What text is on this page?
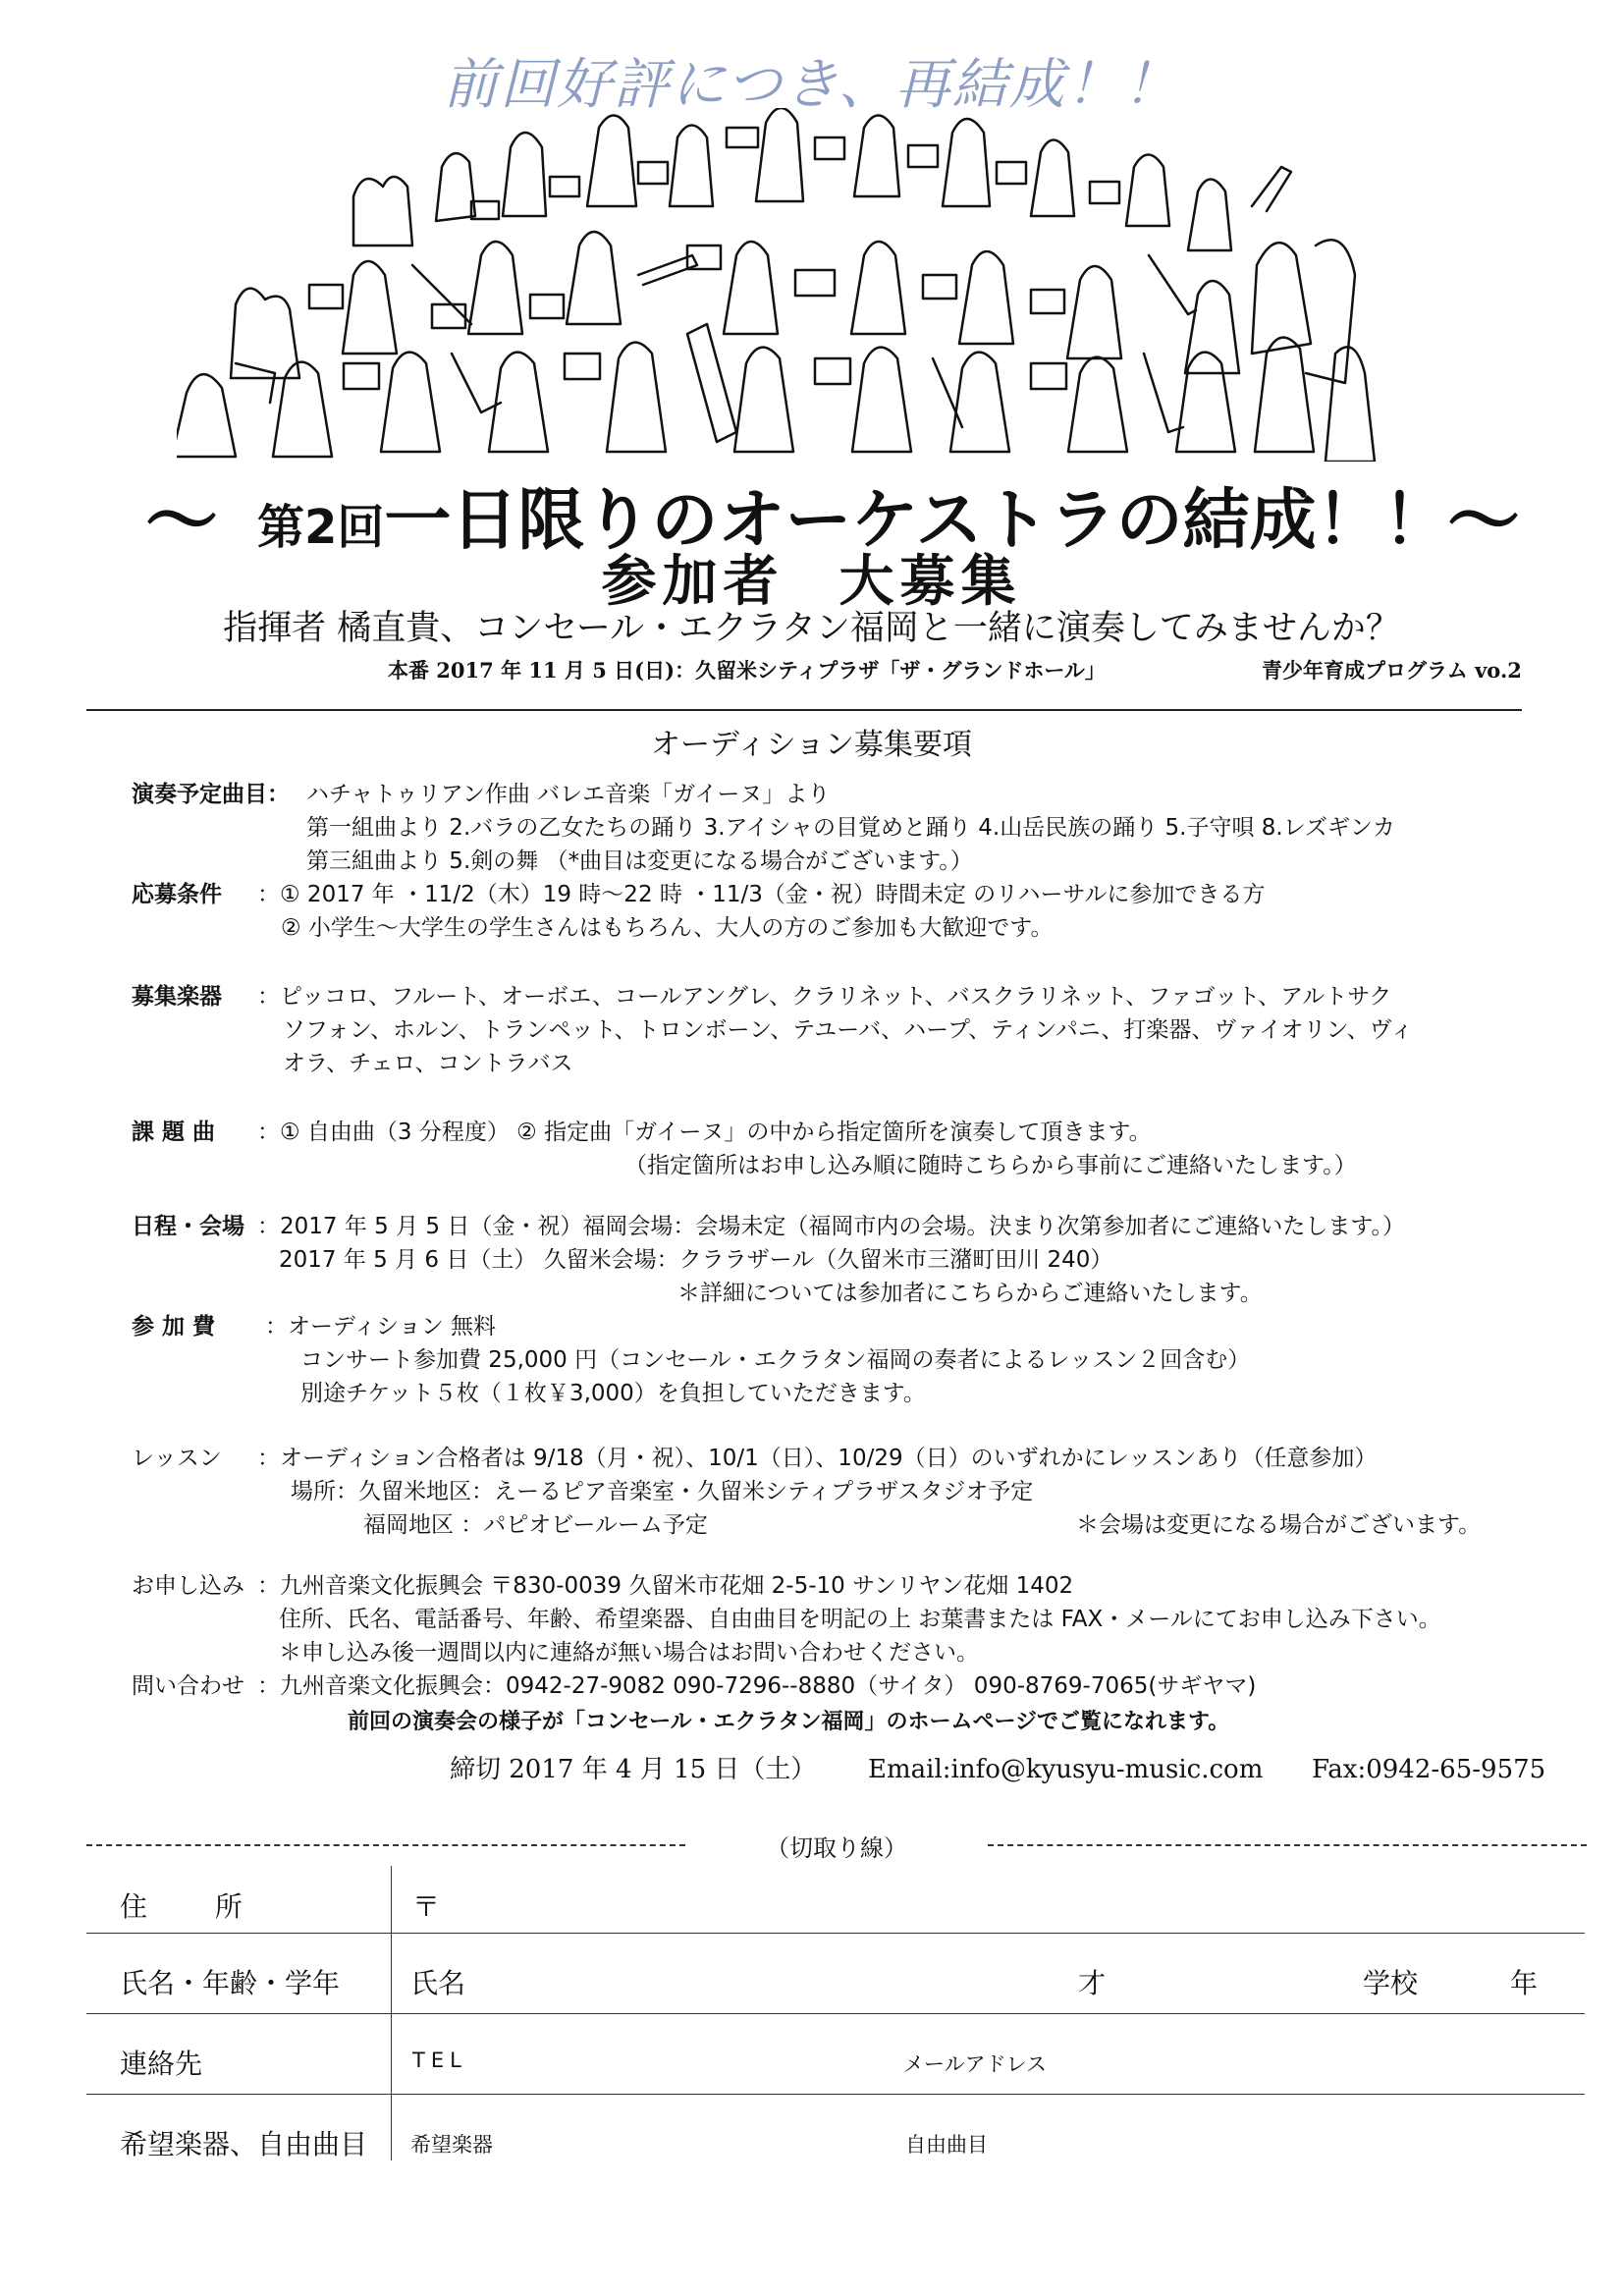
前回好評につき、再結成！！
～ 第2回一日限りのオーケストラの結成！！
～
参加者 大募集
指揮者 橘直貴、コンセール・エクラタン福岡と一緒に演奏してみませんか？
本番 2017 年 11 月 5 日(日)：久留米シティプラザ「ザ・グランドホール」	青少年育成プログラム vo.2
オーディション募集要項
演奏予定曲目： ハチャトゥリアン作曲 バレエ音楽「ガイーヌ」より
第一組曲より 2.バラの乙女たちの踊り 3.アイシャの目覚めと踊り 4.山岳民族の踊り 5.子守唄 8.レズギンカ
第三組曲より 5.剣の舞 （*曲目は変更になる場合がございます。）
応募条件 ：① 2017 年 ・11/2（木）19 時～22 時 ・11/3（金・祝）時間未定 のリハーサルに参加できる方
② 小学生～大学生の学生さんはもちろん、大人の方のご参加も大歓迎です。
募集楽器 ：ピッコロ、フルート、オーボエ、コールアングレ、クラリネット、バスクラリネット、ファゴット、アルトサク
ソフォン、ホルン、トランペット、トロンボーン、テユーバ、ハープ、ティンパニ、打楽器、ヴァイオリン、ヴィ
オラ、チェロ、コントラバス
課 題 曲 ：① 自由曲（3 分程度） ② 指定曲「ガイーヌ」の中から指定箇所を演奏して頂きます。
（指定箇所はお申し込み順に随時こちらから事前にご連絡いたします。）
日程・会場 ：2017 年 5 月 5 日（金・祝）福岡会場：会場未定（福岡市内の会場。決まり次第参加者にご連絡いたします。）
2017 年 5 月 6 日（土） 久留米会場：クララザール（久留米市三潴町田川 240）
＊詳細については参加者にこちらからご連絡いたします。
参 加 費 ：オーディション 無料
コンサート参加費 25,000 円（コンセール・エクラタン福岡の奏者によるレッスン２回含む）
別途チケット５枚（１枚￥3,000）を負担していただきます。
レッスン ：オーディション合格者は 9/18（月・祝）、10/1（日）、10/29（日）のいずれかにレッスンあり（任意参加）
場所：久留米地区：えーるピア音楽室・久留米シティプラザスタジオ予定
福岡地区 ：パピオビールーム予定	＊会場は変更になる場合がございます。
お申し込み ：九州音楽文化振興会 〒830-0039 久留米市花畑 2-5-10 サンリヤン花畑 1402
住所、氏名、電話番号、年齢、希望楽器、自由曲目を明記の上 お葉書または FAX・メールにてお申し込み下さい。
＊申し込み後一週間以内に連絡が無い場合はお問い合わせください。
問い合わせ ：九州音楽文化振興会：0942-27-9082 090-7296--8880（サイタ） 090-8769-7065(サギヤマ)
前回の演奏会の様子が「コンセール・エクラタン福岡」のホームページでご覧になれます。
締切 2017 年 4 月 15 日（土） Email:info@kyusyu-music.com Fax:0942-65-9575
（切取り線）
住 所	〒
氏名・年齢・学年	氏名	才	学校	年
連絡先	TEL	メールアドレス
希望楽器、自由曲目 希望楽器	自由曲目
